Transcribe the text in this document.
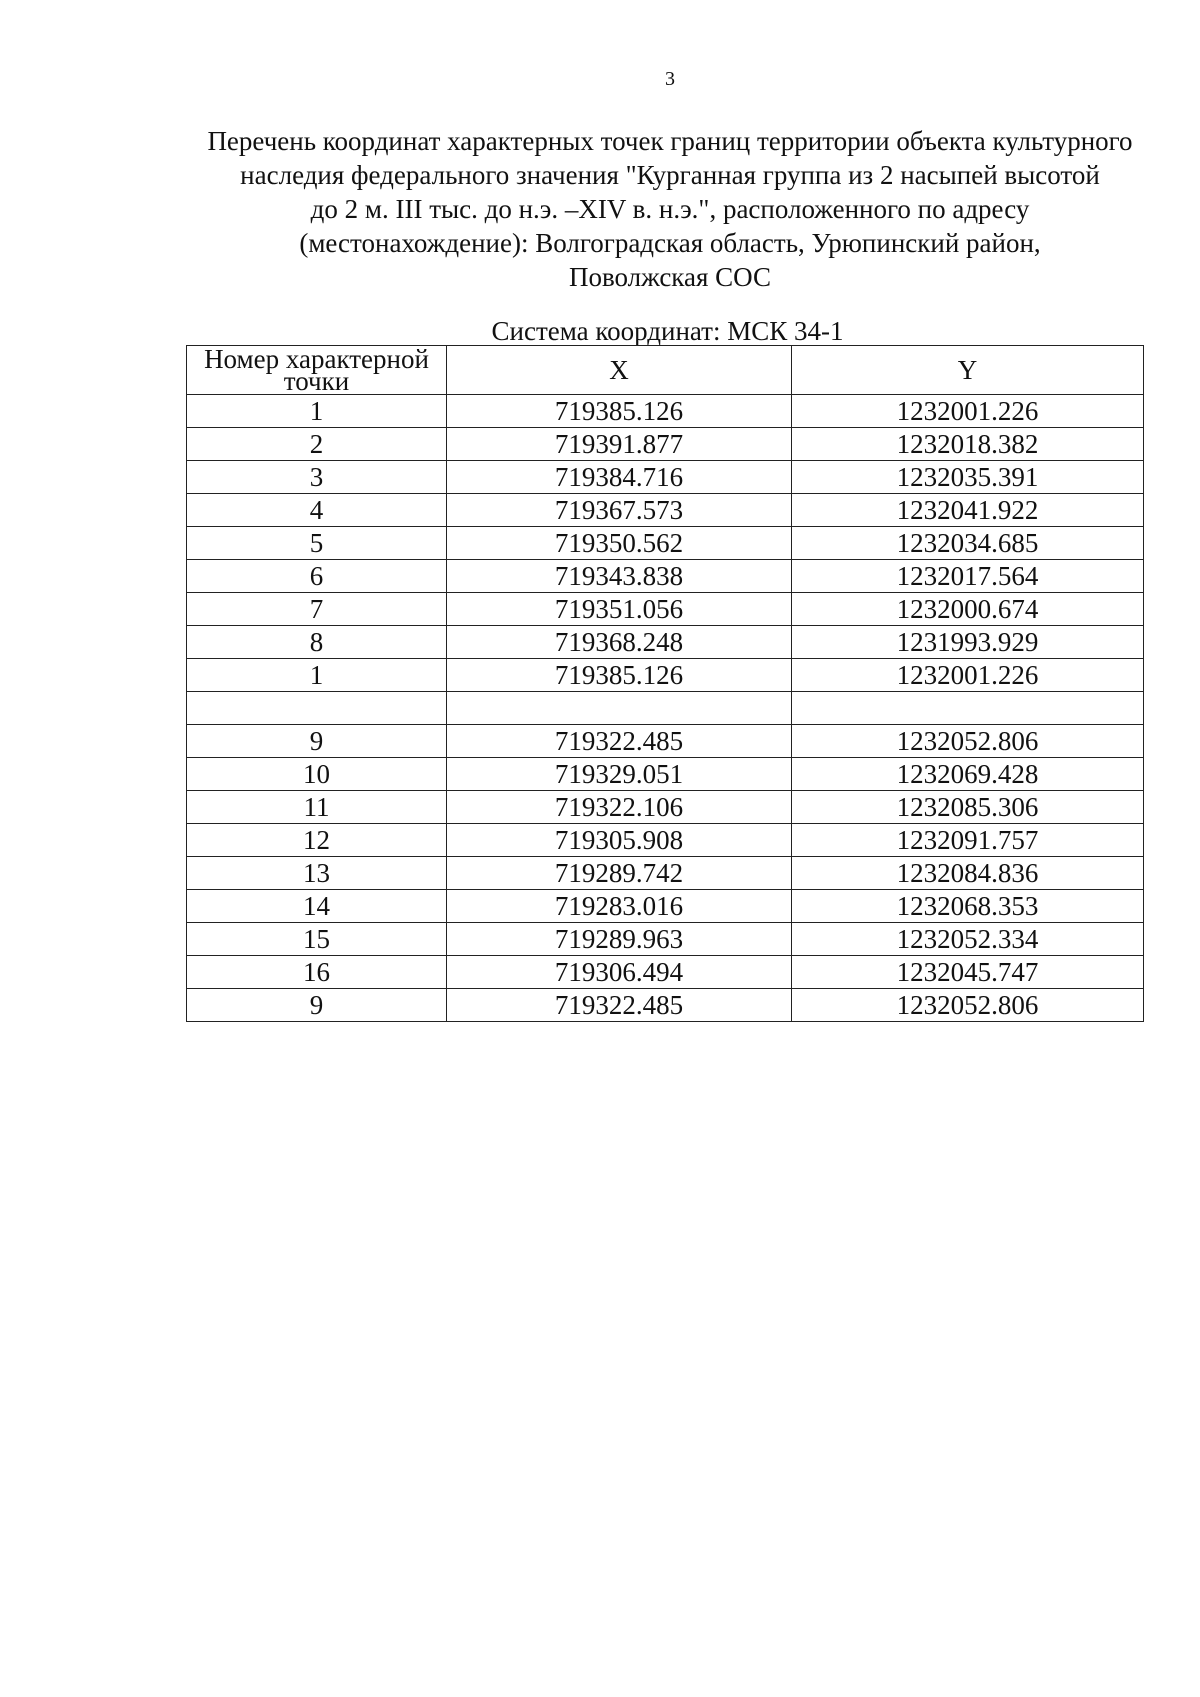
3
Перечень координат характерных точек границ территории объекта культурного
наследия федерального значения "Курганная группа из 2 насыпей высотой
до 2 м. III тыс. до н.э. –XIV в. н.э.", расположенного по адресу
(местонахождение): Волгоградская область, Урюпинский район,
Поволжская СОС
Система координат: МСК 34-1
Номер характерной точки	X	Y
1	719385.126	1232001.226
2	719391.877	1232018.382
3	719384.716	1232035.391
4	719367.573	1232041.922
5	719350.562	1232034.685
6	719343.838	1232017.564
7	719351.056	1232000.674
8	719368.248	1231993.929
1	719385.126	1232001.226

9	719322.485	1232052.806
10	719329.051	1232069.428
11	719322.106	1232085.306
12	719305.908	1232091.757
13	719289.742	1232084.836
14	719283.016	1232068.353
15	719289.963	1232052.334
16	719306.494	1232045.747
9	719322.485	1232052.806
